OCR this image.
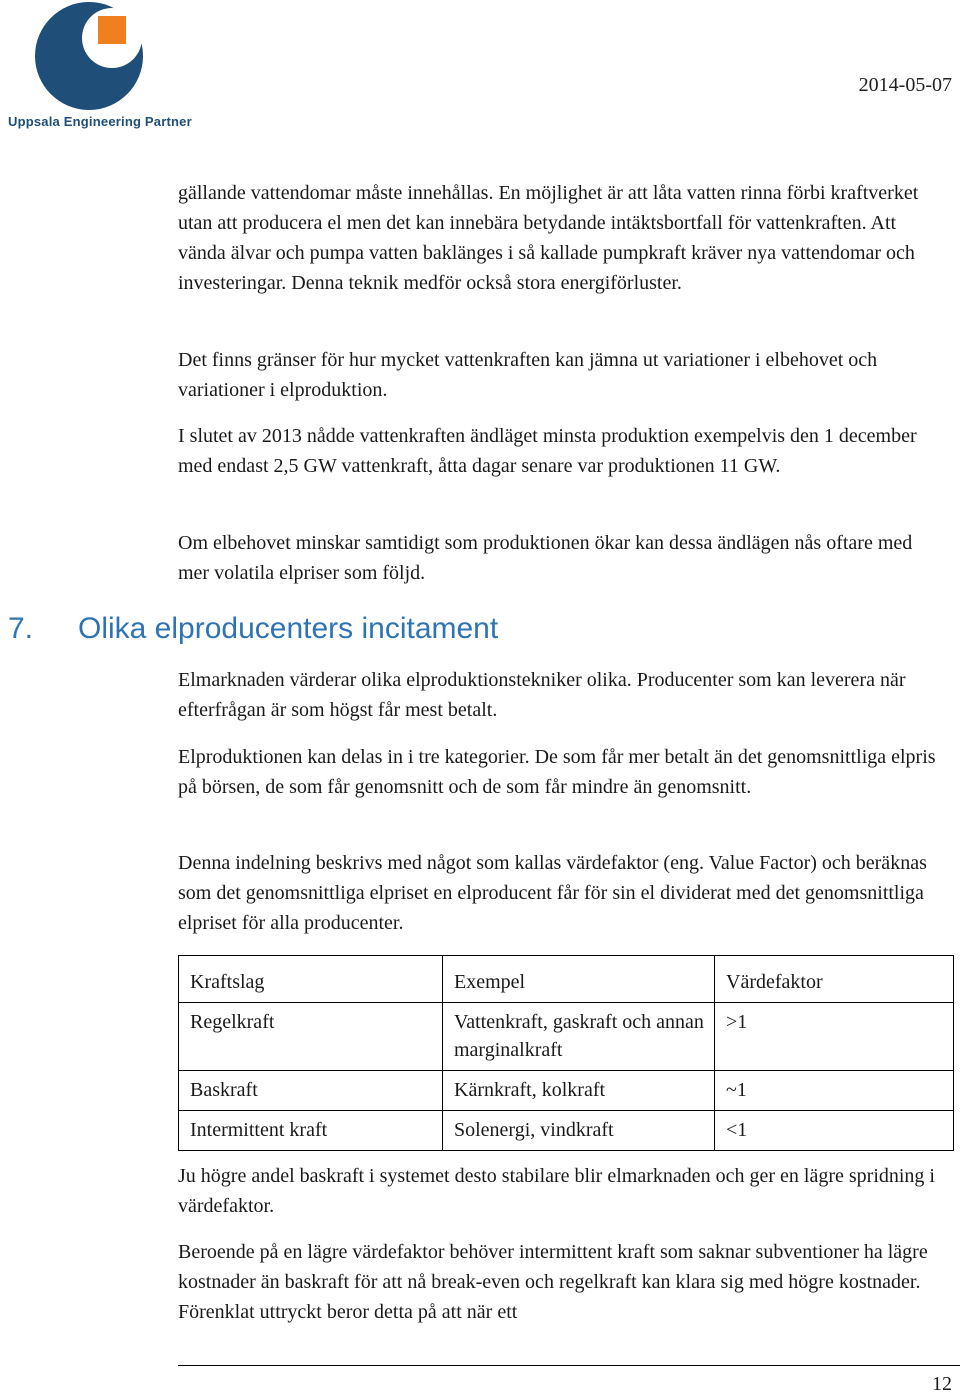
Uppsala Engineering Partner
2014-05-07

gällande vattendomar måste innehållas. En möjlighet är att låta vatten rinna förbi kraftverket utan att producera el men det kan innebära betydande intäktsbortfall för vattenkraften. Att vända älvar och pumpa vatten baklänges i så kallade pumpkraft kräver nya vattendomar och investeringar. Denna teknik medför också stora energiförluster.

Det finns gränser för hur mycket vattenkraften kan jämna ut variationer i elbehovet och variationer i elproduktion.

I slutet av 2013 nådde vattenkraften ändläget minsta produktion exempelvis den 1 december med endast 2,5 GW vattenkraft, åtta dagar senare var produktionen 11 GW.

Om elbehovet minskar samtidigt som produktionen ökar kan dessa ändlägen nås oftare med mer volatila elpriser som följd.

7. Olika elproducenters incitament

Elmarknaden värderar olika elproduktionstekniker olika. Producenter som kan leverera när efterfrågan är som högst får mest betalt.

Elproduktionen kan delas in i tre kategorier. De som får mer betalt än det genomsnittliga elpris på börsen, de som får genomsnitt och de som får mindre än genomsnitt.

Denna indelning beskrivs med något som kallas värdefaktor (eng. Value Factor) och beräknas som det genomsnittliga elpriset en elproducent får för sin el dividerat med det genomsnittliga elpriset för alla producenter.

Kraftslag	Exempel	Värdefaktor
Regelkraft	Vattenkraft, gaskraft och annan marginalkraft	>1
Baskraft	Kärnkraft, kolkraft	~1
Intermittent kraft	Solenergi, vindkraft	<1

Ju högre andel baskraft i systemet desto stabilare blir elmarknaden och ger en lägre spridning i värdefaktor.

Beroende på en lägre värdefaktor behöver intermittent kraft som saknar subventioner ha lägre kostnader än baskraft för att nå break-even och regelkraft kan klara sig med högre kostnader. Förenklat uttryckt beror detta på att när ett

12
